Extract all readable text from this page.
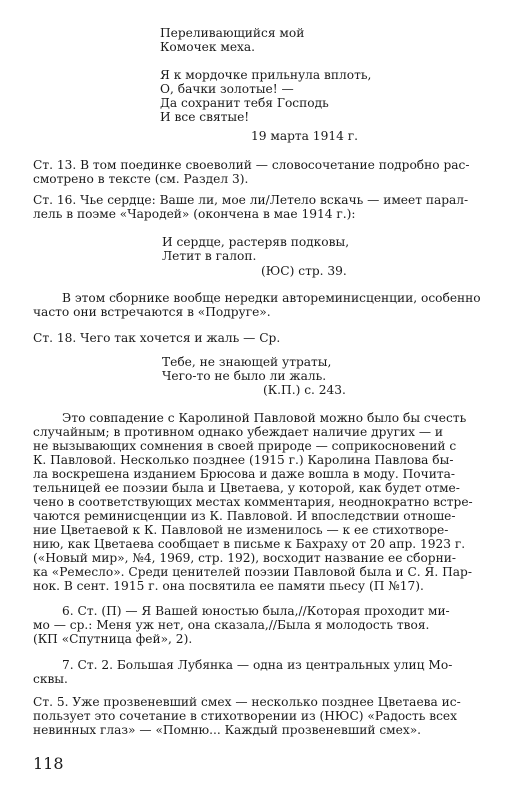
Переливающийся мой
Комочек меха.
Я к мордочке прильнула вплоть,
О, бачки золотые! —
Да сохранит тебя Господь
И все святые!
19 марта 1914 г.
Ст. 13. В том поединке своеволий — словосочетание подробно рас-
смотрено в тексте (см. Раздел 3).
Ст. 16. Чье сердце: Ваше ли, мое ли/Летело вскачь — имеет парал-
лель в поэме «Чародей» (окончена в мае 1914 г.):
И сердце, растеряв подковы,
Летит в галоп.
(ЮС) стр. 39.
В этом сборнике вообще нередки автореминисценции, особенно
часто они встречаются в «Подруге».
Ст. 18. Чего так хочется и жаль — Ср.
Тебе, не знающей утраты,
Чего-то не было ли жаль.
(К.П.) с. 243.
Это совпадение с Каролиной Павловой можно было бы счесть
случайным; в противном однако убеждает наличие других — и
не вызывающих сомнения в своей природе — соприкосновений с
К. Павловой. Несколько позднее (1915 г.) Каролина Павлова бы-
ла воскрешена изданием Брюсова и даже вошла в моду. Почита-
тельницей ее поэзии была и Цветаева, у которой, как будет отме-
чено в соответствующих местах комментария, неоднократно встре-
чаются реминисценции из К. Павловой. И впоследствии отноше-
ние Цветаевой к К. Павловой не изменилось — к ее стихотворе-
нию, как Цветаева сообщает в письме к Бахраху от 20 апр. 1923 г.
(«Новый мир», №4, 1969, стр. 192), восходит название ее сборни-
ка «Ремесло». Среди ценителей поэзии Павловой была и С. Я. Пар-
нок. В сент. 1915 г. она посвятила ее памяти пьесу (П №17).
6. Ст. (П) — Я Вашей юностью была,//Которая проходит ми-
мо — ср.: Меня уж нет, она сказала,//Была я молодость твоя.
(КП «Спутница фей», 2).
7. Ст. 2. Большая Лубянка — одна из центральных улиц Мо-
сквы.
Ст. 5. Уже прозвеневший смех — несколько позднее Цветаева ис-
пользует это сочетание в стихотворении из (НЮС) «Радость всех
невинных глаз» — «Помню... Каждый прозвеневший смех».
118
